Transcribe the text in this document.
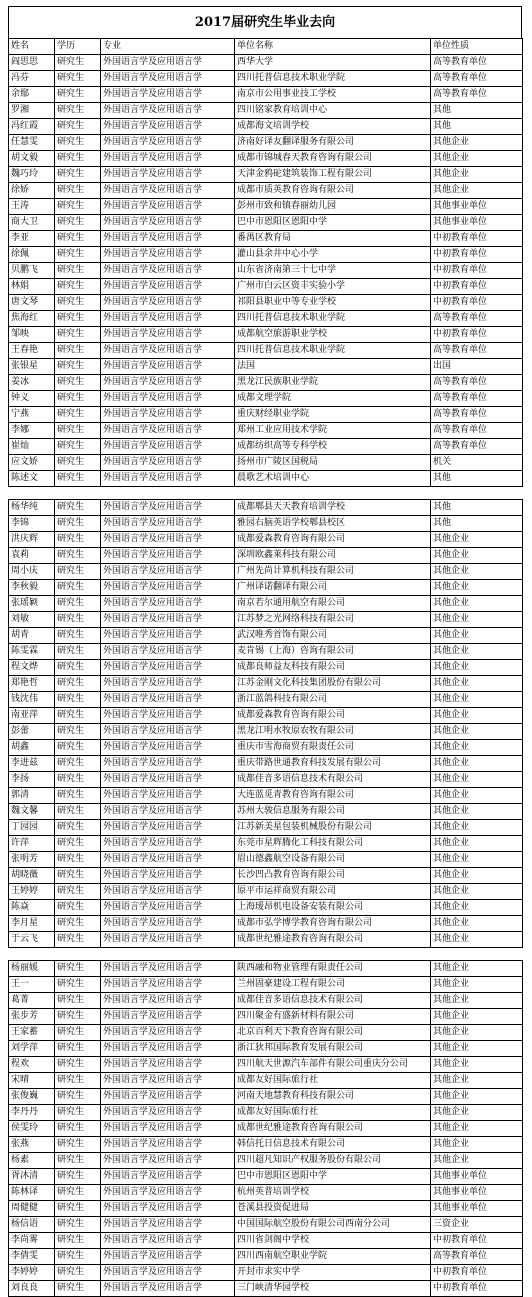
2017届研究生毕业去向
姓名	学历	专业	单位名称	单位性质
阎思思	研究生	外国语言学及应用语言学	西华大学	高等教育单位
冯芬	研究生	外国语言学及应用语言学	四川托普信息技术职业学院	高等教育单位
余鄢	研究生	外国语言学及应用语言学	南京市公用事业技工学校	高等教育单位
罗湘	研究生	外国语言学及应用语言学	四川铭家教育培训中心	其他
冯红霞	研究生	外国语言学及应用语言学	成都海文培训学校	其他
任慧雯	研究生	外国语言学及应用语言学	济南好译友翻译服务有限公司	其他企业
胡文毅	研究生	外国语言学及应用语言学	成都市锦城春天教育咨询有限公司	其他企业
魏巧玲	研究生	外国语言学及应用语言学	天津金鸦砣建筑装饰工程有限公司	其他企业
徐娇	研究生	外国语言学及应用语言学	成都市质英教育咨询有限公司	其他企业
王涛	研究生	外国语言学及应用语言学	彭州市致和镇春丽幼儿园	其他事业单位
商大卫	研究生	外国语言学及应用语言学	巴中市恩阳区恩阳中学	其他事业单位
李亚	研究生	外国语言学及应用语言学	番禺区教育局	中初教育单位
徐佩	研究生	外国语言学及应用语言学	灌山县余井中心小学	中初教育单位
贝鹏飞	研究生	外国语言学及应用语言学	山东省济南第三十七中学	中初教育单位
林娟	研究生	外国语言学及应用语言学	广州市白云区资丰实验小学	中初教育单位
唐文琴	研究生	外国语言学及应用语言学	祁阳县职业中等专业学校	中初教育单位
焦海红	研究生	外国语言学及应用语言学	四川托普信息技术职业学院	高等教育单位
邹映	研究生	外国语言学及应用语言学	成都航空旅游职业学校	中初教育单位
王春艳	研究生	外国语言学及应用语言学	四川托普信息技术职业学院	高等教育单位
张银星	研究生	外国语言学及应用语言学	法国	出国
姜冰	研究生	外国语言学及应用语言学	黑龙江民族职业学院	高等教育单位
钟义	研究生	外国语言学及应用语言学	成都文理学院	高等教育单位
宁燕	研究生	外国语言学及应用语言学	重庆财经职业学院	高等教育单位
李娜	研究生	外国语言学及应用语言学	郑州工业应用技术学院	高等教育单位
崔灿	研究生	外国语言学及应用语言学	成都纺织高等专科学校	高等教育单位
应文娇	研究生	外国语言学及应用语言学	扬州市广陵区国税局	机关
陈述文	研究生	外国语言学及应用语言学	晨歌艺术培训中心	其他
杨华纯	研究生	外国语言学及应用语言学	成都郫县天天教育培训学校	其他
李锦	研究生	外国语言学及应用语言学	雅园右脑英语学校郫县校区	其他
洪庆辉	研究生	外国语言学及应用语言学	成都爱森教育咨询有限公司	其他企业
袁莉	研究生	外国语言学及应用语言学	深圳欧鑫莱科技有限公司	其他企业
周小庆	研究生	外国语言学及应用语言学	广州先尚计算机科技有限公司	其他企业
李秋毅	研究生	外国语言学及应用语言学	广州译诺翻译有限公司	其他企业
张瑶颖	研究生	外国语言学及应用语言学	南京若尔通用航空有限公司	其他企业
刘敏	研究生	外国语言学及应用语言学	江苏梦之光网络科技有限公司	其他企业
胡青	研究生	外国语言学及应用语言学	武汉唯秀首饰有限公司	其他企业
陈雯霖	研究生	外国语言学及应用语言学	麦肯锡（上海）咨询有限公司	其他企业
程文烨	研究生	外国语言学及应用语言学	成都良师益友科技有限公司	其他企业
郑艳哲	研究生	外国语言学及应用语言学	江苏金刚文化科技集团股份有限公司	其他企业
钱沈伟	研究生	外国语言学及应用语言学	浙江蓝鸽科技有限公司	其他企业
南亚萍	研究生	外国语言学及应用语言学	成都爱森教育咨询有限公司	其他企业
彭蕾	研究生	外国语言学及应用语言学	黑龙江明水牧原农牧有限公司	其他企业
胡鑫	研究生	外国语言学及应用语言学	重庆市雪海商贸有限责任公司	其他企业
李进兹	研究生	外国语言学及应用语言学	重庆带路世通教育科技发展有限公司	其他企业
李扬	研究生	外国语言学及应用语言学	成都佳音多语信息技术有限公司	其他企业
郭清	研究生	外国语言学及应用语言学	大连蓝觅青教育咨询有限公司	其他企业
魏文馨	研究生	外国语言学及应用语言学	苏州大骏信息服务有限公司	其他企业
丁园园	研究生	外国语言学及应用语言学	江苏新美星包装机械股份有限公司	其他企业
许萍	研究生	外国语言学及应用语言学	东莞市星辉腾化工科技有限公司	其他企业
张明芳	研究生	外国语言学及应用语言学	眉山德鑫航空设备有限公司	其他企业
胡晓薇	研究生	外国语言学及应用语言学	长沙凹凸教育咨询有限公司	其他企业
王婷婷	研究生	外国语言学及应用语言学	原平市运祥商贸有限公司	其他企业
陈焱	研究生	外国语言学及应用语言学	上海瑷昂机电设备安装有限公司	其他企业
李月星	研究生	外国语言学及应用语言学	成都市弘学博学教育咨询有限公司	其他企业
于云飞	研究生	外国语言学及应用语言学	成都世纪雅途教育咨询有限公司	其他企业
杨丽媛	研究生	外国语言学及应用语言学	陕西融和物业管理有限责任公司	其他企业
王一	研究生	外国语言学及应用语言学	兰州固豪建设工程有限公司	其他企业
葛菁	研究生	外国语言学及应用语言学	成都佳音多语信息技术有限公司	其他企业
张步芳	研究生	外国语言学及应用语言学	四川聚金有盛新材料有限公司	其他企业
王家蓄	研究生	外国语言学及应用语言学	北京百利天下教育咨询有限公司	其他企业
刘学萍	研究生	外国语言学及应用语言学	浙江狄邦国际教育发展有限公司	其他企业
程欢	研究生	外国语言学及应用语言学	四川航天世源汽车部件有限公司重庆分公司	其他企业
宋晴	研究生	外国语言学及应用语言学	成都友好国际旅行社	其他企业
张俊巍	研究生	外国语言学及应用语言学	河南天地慧教育科技有限公司	其他企业
李丹丹	研究生	外国语言学及应用语言学	成都友好国际旅行社	其他企业
侯雯玲	研究生	外国语言学及应用语言学	成都世纪雅途教育咨询有限公司	其他企业
张燕	研究生	外国语言学及应用语言学	韩信托日信息技术有限公司	其他企业
杨素	研究生	外国语言学及应用语言学	四川超凡知识产权服务股份有限公司	其他企业
胥沐清	研究生	外国语言学及应用语言学	巴中市恩阳区恩阳中学	其他事业单位
陈林译	研究生	外国语言学及应用语言学	杭州英普培训学校	其他事业单位
周健健	研究生	外国语言学及应用语言学	苍溪县投资促进局	其他事业单位
杨信语	研究生	外国语言学及应用语言学	中国国际航空股份有限公司西南分公司	三资企业
李尚雾	研究生	外国语言学及应用语言学	四川省剑阁中学校	中初教育单位
李倩雯	研究生	外国语言学及应用语言学	四川西南航空职业学院	高等教育单位
李婷婷	研究生	外国语言学及应用语言学	开封市求实中学	中初教育单位
刘良良	研究生	外国语言学及应用语言学	三门峡清华园学校	中初教育单位
